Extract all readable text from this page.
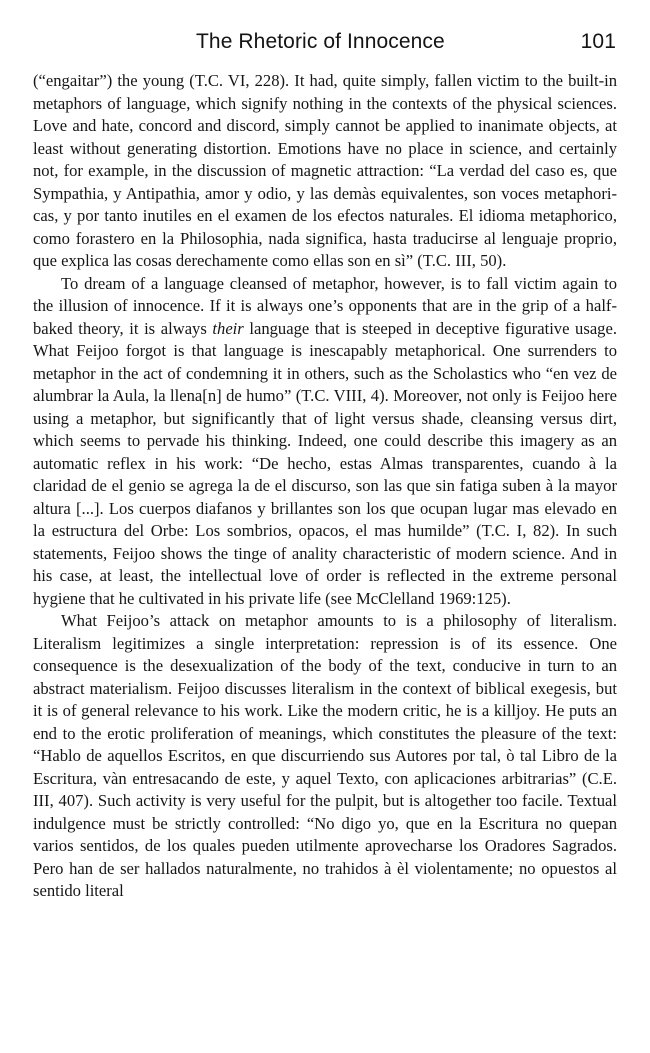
The Rhetoric of Innocence	101

(“engaitar”) the young (T.C. VI, 228). It had, quite simply, fallen victim to the built-in metaphors of language, which signify nothing in the contexts of the physical sciences. Love and hate, concord and discord, simply cannot be applied to inanimate objects, at least without generating distortion. Emotions have no place in science, and certainly not, for example, in the discussion of magnetic attraction: “La verdad del caso es, que Sympathia, y Antipathia, amor y odio, y las demàs equivalentes, son voces metaphoricas, y por tanto inutiles en el examen de los efectos naturales. El idioma metaphorico, como forastero en la Philosophia, nada significa, hasta traducirse al lenguaje proprio, que explica las cosas derechamente como ellas son en sì” (T.C. III, 50).

To dream of a language cleansed of metaphor, however, is to fall victim again to the illusion of innocence. If it is always one’s opponents that are in the grip of a half-baked theory, it is always their language that is steeped in deceptive figurative usage. What Feijoo forgot is that language is inescapably metaphorical. One surrenders to metaphor in the act of condemning it in others, such as the Scholastics who “en vez de alumbrar la Aula, la llena[n] de humo” (T.C. VIII, 4). Moreover, not only is Feijoo here using a metaphor, but significantly that of light versus shade, cleansing versus dirt, which seems to pervade his thinking. Indeed, one could describe this imagery as an automatic reflex in his work: “De hecho, estas Almas transparentes, cuando à la claridad de el genio se agrega la de el discurso, son las que sin fatiga suben à la mayor altura [...]. Los cuerpos diafanos y brillantes son los que ocupan lugar mas elevado en la estructura del Orbe: Los sombrios, opacos, el mas humilde” (T.C. I, 82). In such statements, Feijoo shows the tinge of anality characteristic of modern science. And in his case, at least, the intellectual love of order is reflected in the extreme personal hygiene that he cultivated in his private life (see McClelland 1969:125).

What Feijoo’s attack on metaphor amounts to is a philosophy of literalism. Literalism legitimizes a single interpretation: repression is of its essence. One consequence is the desexualization of the body of the text, conducive in turn to an abstract materialism. Feijoo discusses literalism in the context of biblical exegesis, but it is of general relevance to his work. Like the modern critic, he is a killjoy. He puts an end to the erotic proliferation of meanings, which constitutes the pleasure of the text: “Hablo de aquellos Escritos, en que discurriendo sus Autores por tal, ò tal Libro de la Escritura, vàn entresacando de este, y aquel Texto, con aplicaciones arbitrarias” (C.E. III, 407). Such activity is very useful for the pulpit, but is altogether too facile. Textual indulgence must be strictly controlled: “No digo yo, que en la Escritura no quepan varios sentidos, de los quales pueden utilmente aprovecharse los Oradores Sagrados. Pero han de ser hallados naturalmente, no trahidos à èl violentamente; no opuestos al sentido literal
